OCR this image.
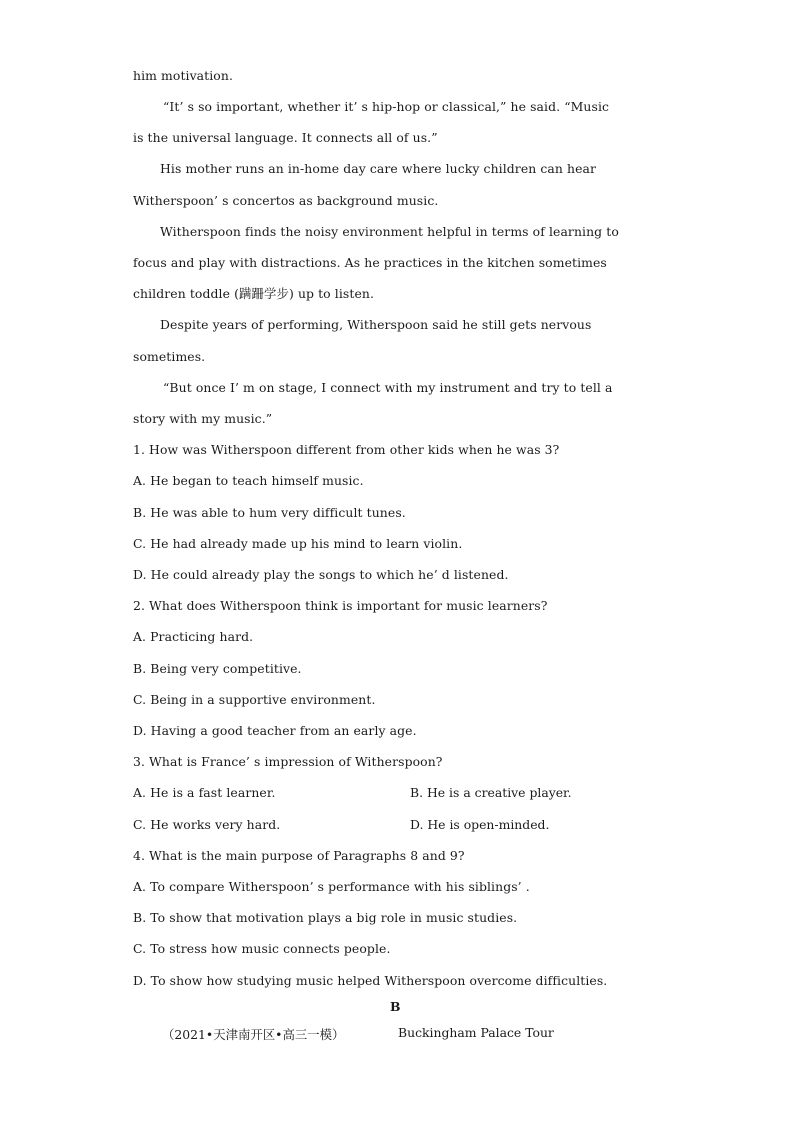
him motivation.
“It’ s so important, whether it’ s hip-hop or classical,” he said. “Music
is the universal language. It connects all of us.”
His mother runs an in-home day care where lucky children can hear
Witherspoon’ s concertos as background music.
Witherspoon finds the noisy environment helpful in terms of learning to
focus and play with distractions. As he practices in the kitchen sometimes
children toddle (蹒跚学步) up to listen.
Despite years of performing, Witherspoon said he still gets nervous
sometimes.
“But once I’ m on stage, I connect with my instrument and try to tell a
story with my music.”
1. How was Witherspoon different from other kids when he was 3?
A. He began to teach himself music.
B. He was able to hum very difficult tunes.
C. He had already made up his mind to learn violin.
D. He could already play the songs to which he’ d listened.
2. What does Witherspoon think is important for music learners?
A. Practicing hard.
B. Being very competitive.
C. Being in a supportive environment.
D. Having a good teacher from an early age.
3. What is France’ s impression of Witherspoon?
A. He is a fast learner.	B. He is a creative player.
C. He works very hard.	D. He is open-minded.
4. What is the main purpose of Paragraphs 8 and 9?
A. To compare Witherspoon’ s performance with his siblings’ .
B. To show that motivation plays a big role in music studies.
C. To stress how music connects people.
D. To show how studying music helped Witherspoon overcome difficulties.
B
（2021•天津南开区•高三一模）	Buckingham Palace Tour
